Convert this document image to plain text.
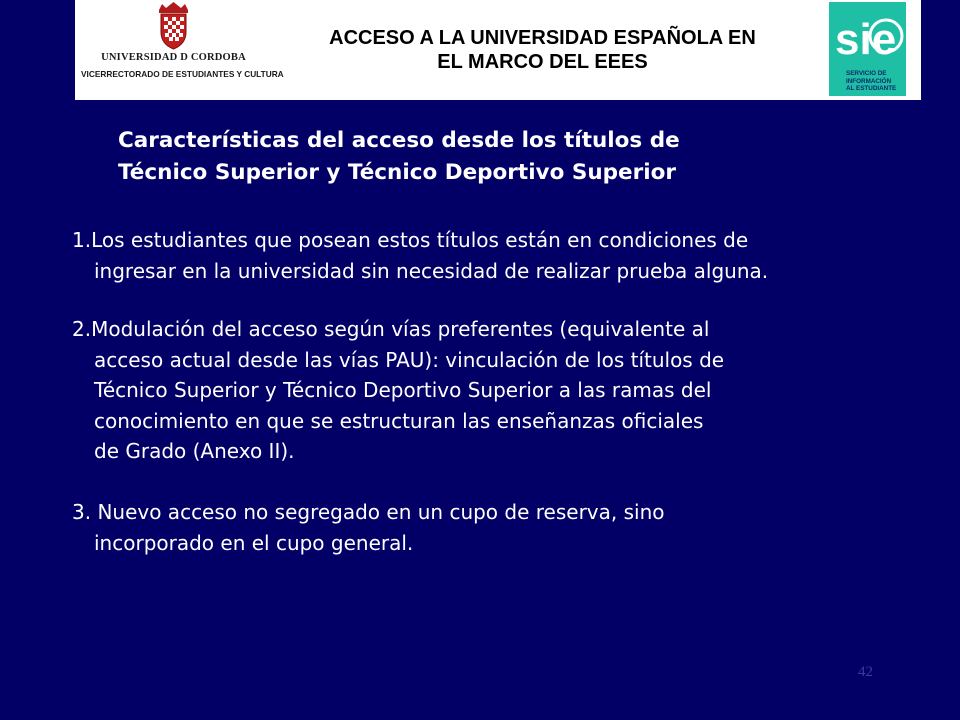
UNIVERSIDAD D CORDOBA
VICERRECTORADO DE ESTUDIANTES Y CULTURA
ACCESO A LA UNIVERSIDAD ESPAÑOLA EN
EL MARCO DEL EEES	sie
SERVICIO DE
INFORMACIÓN
AL ESTUDIANTE
Características del acceso desde los títulos de
Técnico Superior y Técnico Deportivo Superior
1.Los estudiantes que posean estos títulos están en condiciones de
ingresar en la universidad sin necesidad de realizar prueba alguna.
2.Modulación del acceso según vías preferentes (equivalente al
acceso actual desde las vías PAU): vinculación de los títulos de
Técnico Superior y Técnico Deportivo Superior a las ramas del
conocimiento en que se estructuran las enseñanzas oficiales
de Grado (Anexo II).
3. Nuevo acceso no segregado en un cupo de reserva, sino
incorporado en el cupo general.
42
